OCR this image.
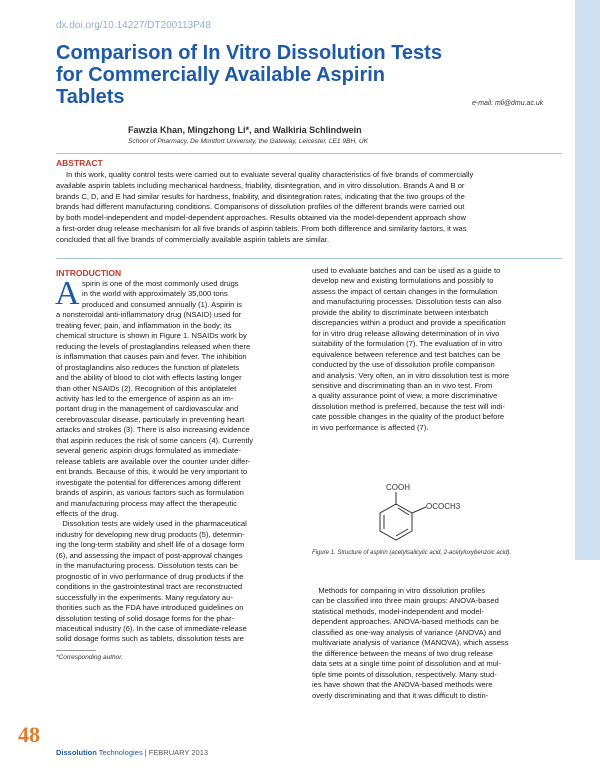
dx.doi.org/10.14227/DT200113P48
Comparison of In Vitro Dissolution Tests
for Commercially Available Aspirin
Tablets	e-mail: mli@dmu.ac.uk
Fawzia Khan, Mingzhong Li*, and Walkiria Schlindwein
School of Pharmacy, De Montfort University, the Gateway, Leicester, LE1 9BH, UK
ABSTRACT
In this work, quality control tests were carried out to evaluate several quality characteristics of five brands of commercially
available aspirin tablets including mechanical hardness, friability, disintegration, and in vitro dissolution. Brands A and B or
brands C, D, and E had similar results for hardness, friability, and disintegration rates, indicating that the two groups of the
brands had different manufacturing conditions. Comparisons of dissolution profiles of the different brands were carried out
by both model-independent and model-dependent approaches. Results obtained via the model-dependent approach show
a first-order drug release mechanism for all five brands of aspirin tablets. From both difference and similarity factors, it was
concluded that all five brands of commercially available aspirin tablets are similar.
INTRODUCTION
A spirin is one of the most commonly used drugs
in the world with approximately 35,000 tons
produced and consumed annually (1). Aspirin is
a nonsteroidal anti-inflammatory drug (NSAID) used for
treating fever, pain, and inflammation in the body; its
chemical structure is shown in Figure 1. NSAIDs work by
reducing the levels of prostaglandins released when there
is inflammation that causes pain and fever. The inhibition
of prostaglandins also reduces the function of platelets
and the ability of blood to clot with effects lasting longer
than other NSAIDs (2). Recognition of this antiplatelet
activity has led to the emergence of aspirin as an im-
portant drug in the management of cardiovascular and
cerebrovascular disease, particularly in preventing heart
attacks and strokes (3). There is also increasing evidence
that aspirin reduces the risk of some cancers (4). Currently
several generic aspirin drugs formulated as immediate-
release tablets are available over the counter under differ-
ent brands. Because of this, it would be very important to
investigate the potential for differences among different
brands of aspirin, as various factors such as formulation
and manufacturing process may affect the therapeutic
effects of the drug.
Dissolution tests are widely used in the pharmaceutical
industry for developing new drug products (5), determin-
ing the long-term stability and shelf life of a dosage form
(6), and assessing the impact of post-approval changes
in the manufacturing process. Dissolution tests can be
prognostic of in vivo performance of drug products if the
conditions in the gastrointestinal tract are reconstructed
successfully in the experiments. Many regulatory au-
thorities such as the FDA have introduced guidelines on
dissolution testing of solid dosage forms for the phar-
maceutical industry (6). In the case of immediate-release
solid dosage forms such as tablets, dissolution tests are
used to evaluate batches and can be used as a guide to
develop new and existing formulations and possibly to
assess the impact of certain changes in the formulation
and manufacturing processes. Dissolution tests can also
provide the ability to discriminate between interbatch
discrepancies within a product and provide a specification
for in vitro drug release allowing determination of in vivo
suitability of the formulation (7). The evaluation of in vitro
equivalence between reference and test batches can be
conducted by the use of dissolution profile comparison
and analysis. Very often, an in vitro dissolution test is more
sensitive and discriminating than an in vivo test. From
a quality assurance point of view, a more discriminative
dissolution method is preferred, because the test will indi-
cate possible changes in the quality of the product before
in vivo performance is affected (7).
COOH
OCOCH3
Figure 1. Structure of aspirin (acetylsalicylic acid, 2-acetyloxybenzoic acid).
Methods for comparing in vitro dissolution profiles
can be classified into three main groups: ANOVA-based
statistical methods, model-independent and model-
dependent approaches. ANOVA-based methods can be
classified as one-way analysis of variance (ANOVA) and
multivariate analysis of variance (MANOVA), which assess
the difference between the means of two drug release
data sets at a single time point of dissolution and at mul-
tiple time points of dissolution, respectively. Many stud-
ies have shown that the ANOVA-based methods were
overly discriminating and that it was difficult to distin-
*Corresponding author.
48
Dissolution Technologies | FEBRUARY 2013
